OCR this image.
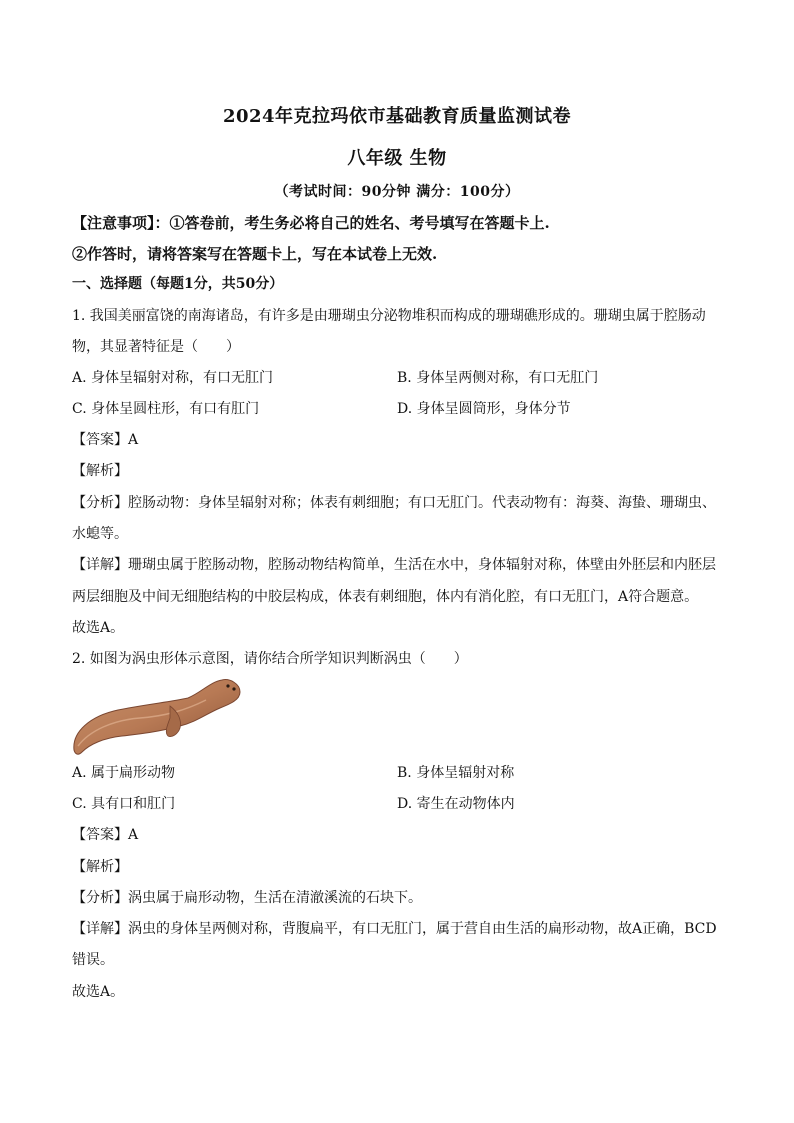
2024年克拉玛依市基础教育质量监测试卷
八年级 生物
（考试时间：90分钟 满分：100分）
【注意事项】：①答卷前，考生务必将自己的姓名、考号填写在答题卡上.
②作答时，请将答案写在答题卡上，写在本试卷上无效.
一、选择题（每题1分，共50分）
1. 我国美丽富饶的南海诸岛，有许多是由珊瑚虫分泌物堆积而构成的珊瑚礁形成的。珊瑚虫属于腔肠动
物，其显著特征是（　　）
A. 身体呈辐射对称，有口无肛门	B. 身体呈两侧对称，有口无肛门
C. 身体呈圆柱形，有口有肛门	D. 身体呈圆筒形，身体分节
【答案】A
【解析】
【分析】腔肠动物：身体呈辐射对称；体表有刺细胞；有口无肛门。代表动物有：海葵、海蛰、珊瑚虫、
水螅等。
【详解】珊瑚虫属于腔肠动物，腔肠动物结构简单，生活在水中，身体辐射对称，体壁由外胚层和内胚层
两层细胞及中间无细胞结构的中胶层构成，体表有刺细胞，体内有消化腔，有口无肛门，A符合题意。
故选A。
2. 如图为涡虫形体示意图，请你结合所学知识判断涡虫（　　）
A. 属于扁形动物	B. 身体呈辐射对称
C. 具有口和肛门	D. 寄生在动物体内
【答案】A
【解析】
【分析】涡虫属于扁形动物，生活在清澈溪流的石块下。
【详解】涡虫的身体呈两侧对称，背腹扁平，有口无肛门，属于营自由生活的扁形动物，故A正确，BCD
错误。
故选A。
